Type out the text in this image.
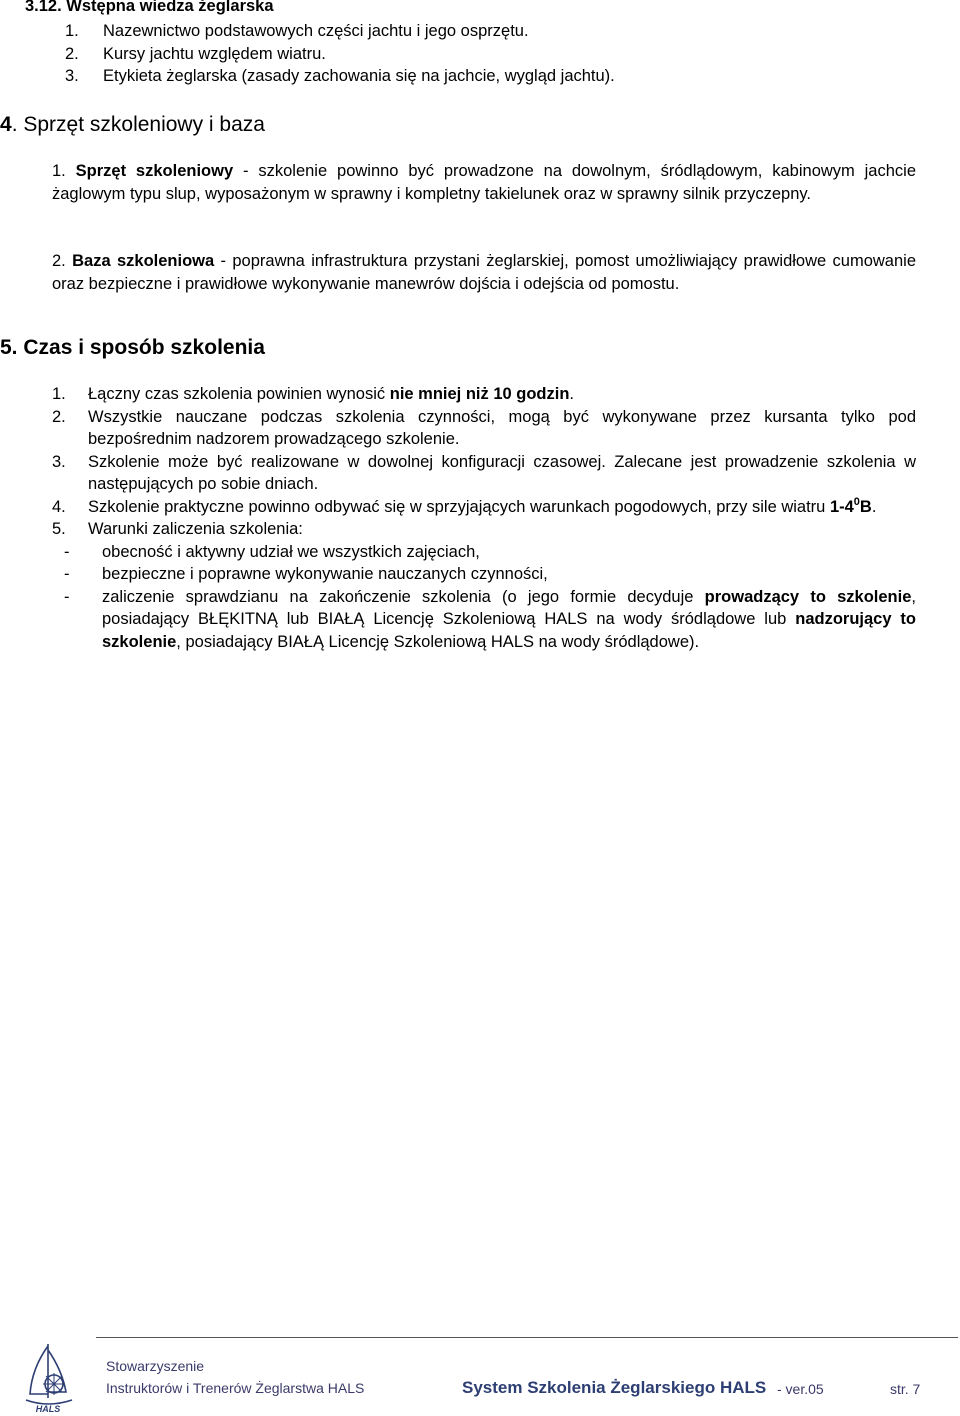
3.12. Wstępna wiedza żeglarska
1.	Nazewnictwo podstawowych części jachtu i jego osprzętu.
2.	Kursy jachtu względem wiatru.
3.	Etykieta żeglarska (zasady zachowania się na jachcie, wygląd jachtu).
4. Sprzęt szkoleniowy i baza
1. Sprzęt szkoleniowy - szkolenie powinno być prowadzone na dowolnym, śródlądowym, kabinowym jachcie żaglowym typu slup, wyposażonym w sprawny i kompletny takielunek oraz w sprawny silnik przyczepny.
2. Baza szkoleniowa - poprawna infrastruktura przystani żeglarskiej, pomost umożliwiający prawidłowe cumowanie oraz bezpieczne i prawidłowe wykonywanie manewrów dojścia i odejścia od pomostu.
5. Czas i sposób szkolenia
1.	Łączny czas szkolenia powinien wynosić nie mniej niż 10 godzin.
2.	Wszystkie nauczane podczas szkolenia czynności, mogą być wykonywane przez kursanta tylko pod bezpośrednim nadzorem prowadzącego szkolenie.
3.	Szkolenie może być realizowane w dowolnej konfiguracji czasowej. Zalecane jest prowadzenie szkolenia w następujących po sobie dniach.
4.	Szkolenie praktyczne powinno odbywać się w sprzyjających warunkach pogodowych, przy sile wiatru $1-4^0B$.
5.	Warunki zaliczenia szkolenia:
-	obecność i aktywny udział we wszystkich zajęciach,
-	bezpieczne i poprawne wykonywanie nauczanych czynności,
-	zaliczenie sprawdzianu na zakończenie szkolenia (o jego formie decyduje prowadzący to szkolenie, posiadający BŁĘKITNĄ lub BIAŁĄ Licencję Szkoleniową HALS na wody śródlądowe lub nadzorujący to szkolenie, posiadający BIAŁĄ Licencję Szkoleniową HALS na wody śródlądowe).
HALS
Stowarzyszenie
Instruktorów i Trenerów Żeglarstwa HALS	System Szkolenia Żeglarskiego HALS - ver.05	str. 7
